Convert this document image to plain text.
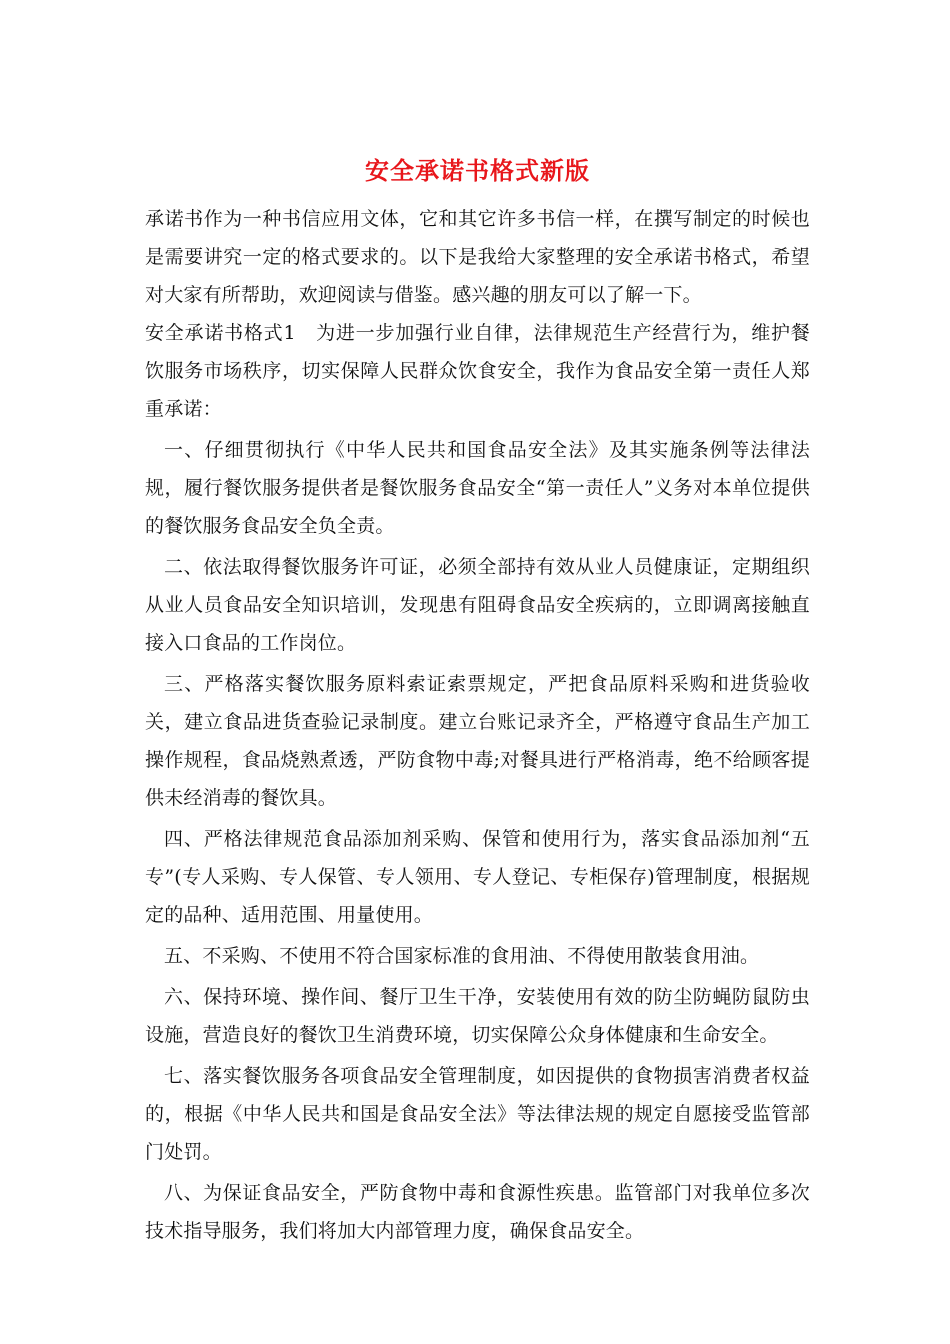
安全承诺书格式新版

承诺书作为一种书信应用文体，它和其它许多书信一样，在撰写制定的时候也是需要讲究一定的格式要求的。以下是我给大家整理的安全承诺书格式，希望对大家有所帮助，欢迎阅读与借鉴。感兴趣的朋友可以了解一下。

安全承诺书格式1　为进一步加强行业自律，法律规范生产经营行为，维护餐饮服务市场秩序，切实保障人民群众饮食安全，我作为食品安全第一责任人郑重承诺：

一、仔细贯彻执行《中华人民共和国食品安全法》及其实施条例等法律法规，履行餐饮服务提供者是餐饮服务食品安全“第一责任人”义务对本单位提供的餐饮服务食品安全负全责。

二、依法取得餐饮服务许可证，必须全部持有效从业人员健康证，定期组织从业人员食品安全知识培训，发现患有阻碍食品安全疾病的，立即调离接触直接入口食品的工作岗位。

三、严格落实餐饮服务原料索证索票规定，严把食品原料采购和进货验收关，建立食品进货查验记录制度。建立台账记录齐全，严格遵守食品生产加工操作规程，食品烧熟煮透，严防食物中毒;对餐具进行严格消毒，绝不给顾客提供未经消毒的餐饮具。

四、严格法律规范食品添加剂采购、保管和使用行为，落实食品添加剂“五专”(专人采购、专人保管、专人领用、专人登记、专柜保存)管理制度，根据规定的品种、适用范围、用量使用。

五、不采购、不使用不符合国家标准的食用油、不得使用散装食用油。

六、保持环境、操作间、餐厅卫生干净，安装使用有效的防尘防蝇防鼠防虫设施，营造良好的餐饮卫生消费环境，切实保障公众身体健康和生命安全。

七、落实餐饮服务各项食品安全管理制度，如因提供的食物损害消费者权益的，根据《中华人民共和国是食品安全法》等法律法规的规定自愿接受监管部门处罚。

八、为保证食品安全，严防食物中毒和食源性疾患。监管部门对我单位多次技术指导服务，我们将加大内部管理力度，确保食品安全。
